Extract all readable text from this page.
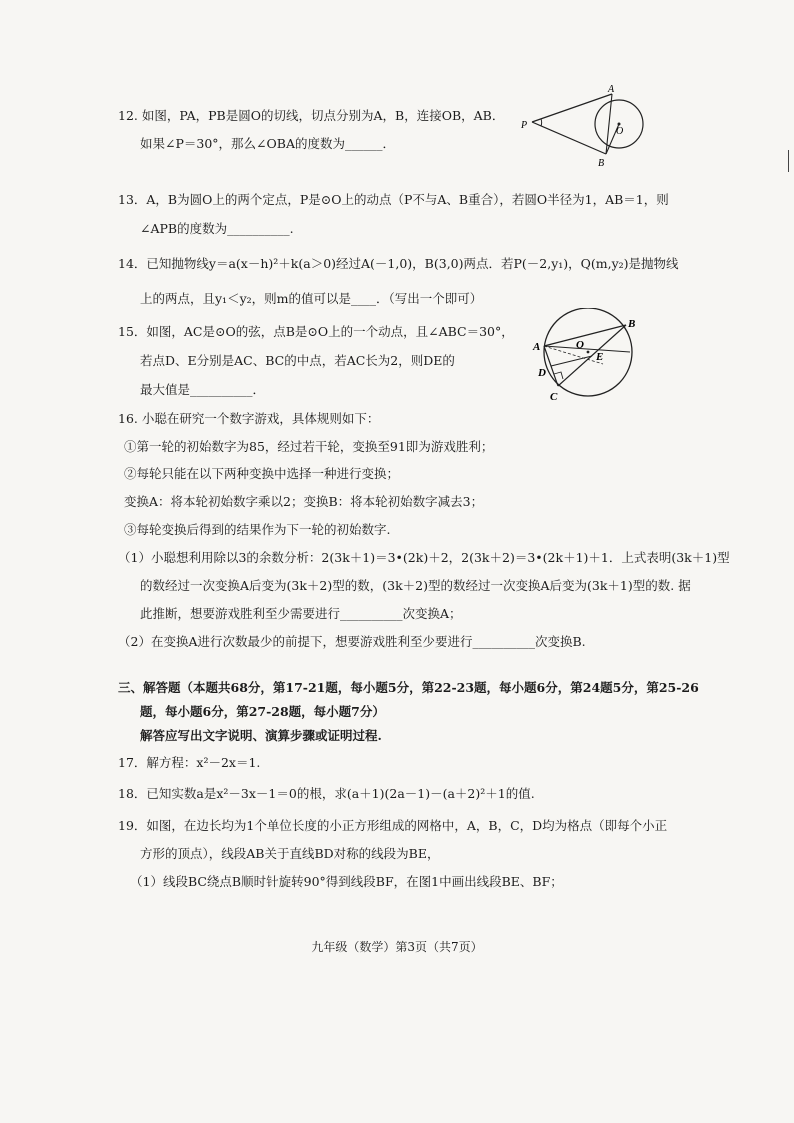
12. 如图，PA，PB是圆O的切线，切点分别为A，B，连接OB，AB．
如果∠P＝30°，那么∠OBA的度数为______．
A
B
P
O
13．A，B为圆O上的两个定点，P是⊙O上的动点（P不与A、B重合），若圆O半径为1，AB＝1，则
∠APB的度数为__________.
14．已知抛物线y＝a(x－h)²＋k(a＞0)经过A(－1,0)，B(3,0)两点．若P(－2,y₁)，Q(m,y₂)是抛物线
上的两点，且y₁＜y₂，则m的值可以是____．（写出一个即可）
15．如图，AC是⊙O的弦，点B是⊙O上的一个动点，且∠ABC＝30°，
若点D、E分别是AC、BC的中点，若AC长为2，则DE的
最大值是__________．
A
B
C
D
E
O
16. 小聪在研究一个数字游戏，具体规则如下：
①第一轮的初始数字为85，经过若干轮，变换至91即为游戏胜利；
②每轮只能在以下两种变换中选择一种进行变换；
变换A：将本轮初始数字乘以2；变换B：将本轮初始数字减去3；
③每轮变换后得到的结果作为下一轮的初始数字.
（1）小聪想利用除以3的余数分析：2(3k＋1)＝3•(2k)＋2，2(3k＋2)＝3•(2k＋1)＋1．上式表明(3k＋1)型
的数经过一次变换A后变为(3k＋2)型的数，(3k＋2)型的数经过一次变换A后变为(3k＋1)型的数. 据
此推断，想要游戏胜利至少需要进行__________次变换A；
（2）在变换A进行次数最少的前提下，想要游戏胜利至少要进行__________次变换B.
三、解答题（本题共68分，第17-21题，每小题5分，第22-23题，每小题6分，第24题5分，第25-26
题，每小题6分，第27-28题，每小题7分）
解答应写出文字说明、演算步骤或证明过程.
17．解方程：x²－2x＝1.
18．已知实数a是x²－3x－1＝0的根，求(a＋1)(2a－1)－(a＋2)²＋1的值.
19．如图，在边长均为1个单位长度的小正方形组成的网格中，A，B，C，D均为格点（即每个小正
方形的顶点），线段AB关于直线BD对称的线段为BE，
（1）线段BC绕点B顺时针旋转90°得到线段BF，在图1中画出线段BE、BF；
九年级（数学）第3页（共7页）
